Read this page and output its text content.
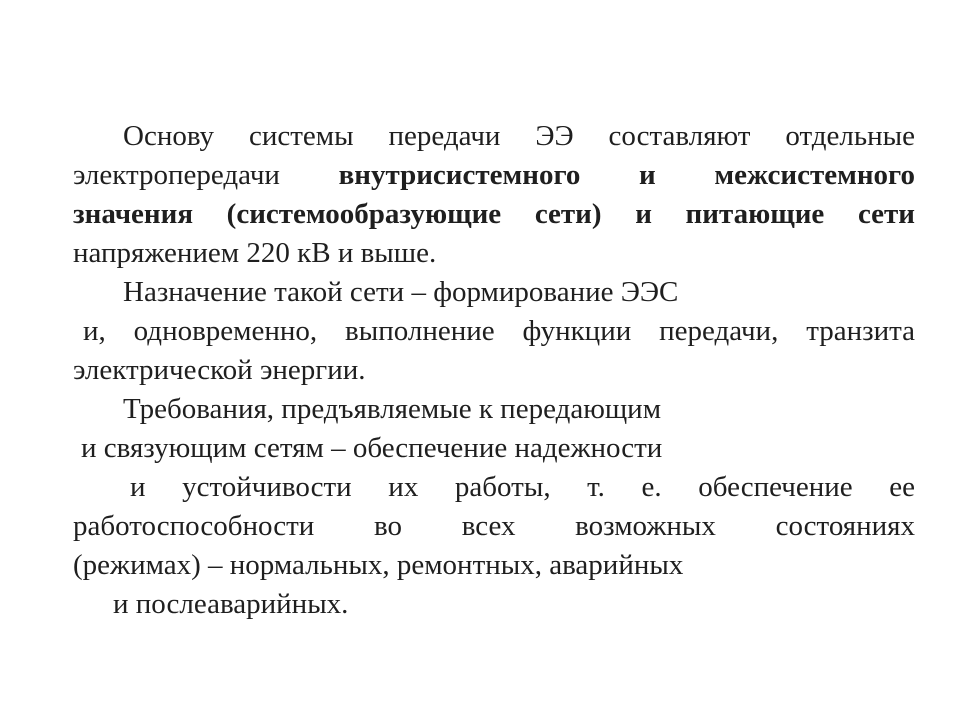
Основу системы передачи ЭЭ составляют отдельные
электропередачи внутрисистемного и межсистемного
значения (системообразующие сети) и питающие сети
напряжением 220 кВ и выше.
Назначение такой сети – формирование ЭЭС
и, одновременно, выполнение функции передачи, транзита
электрической энергии.
Требования, предъявляемые к передающим
и связующим сетям – обеспечение надежности
и устойчивости их работы, т. е. обеспечение ее
работоспособности во всех возможных состояниях
(режимах) – нормальных, ремонтных, аварийных
и послеаварийных.
